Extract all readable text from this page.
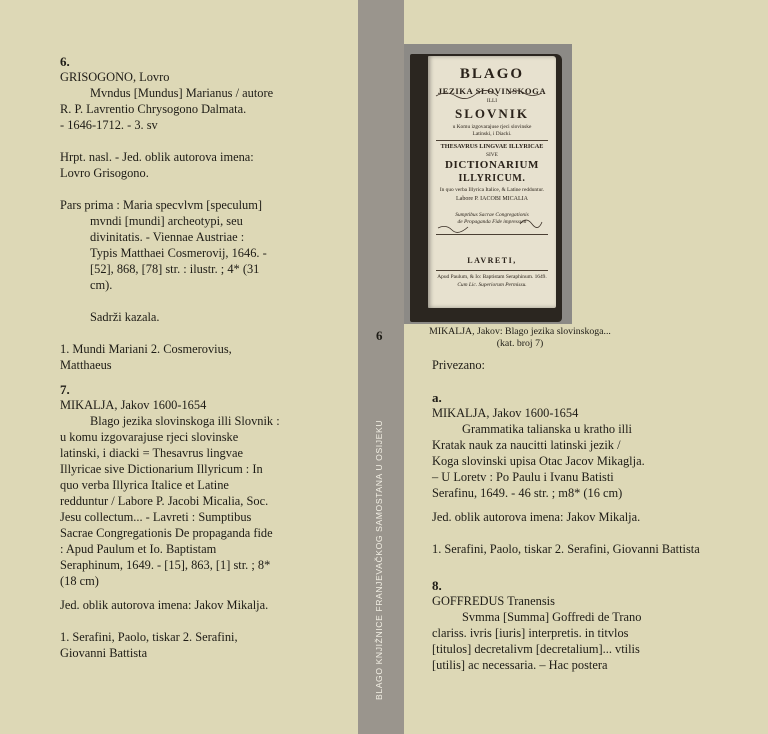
BLAGO KNJIŽNICE FRANJEVAČKOG SAMOSTANA U OSIJEKU
6
6.
GRISOGONO, Lovro
Mvndus [Mundus] Marianus / autore
R. P. Lavrentio Chrysogono Dalmata.
- 1646-1712. - 3. sv
Hrpt. nasl. - Jed. oblik autorova imena:
Lovro Grisogono.
Pars prima : Maria specvlvm [speculum]
mvndi [mundi] archeotypi, seu
divinitatis. - Viennae Austriae :
Typis Matthaei Cosmerovij, 1646. -
[52], 868, [78] str. : ilustr. ; 4* (31
cm).
Sadrži kazala.
1. Mundi Mariani 2. Cosmerovius,
Matthaeus
7.
MIKALJA, Jakov 1600-1654
Blago jezika slovinskoga illi Slovnik :
u komu izgovarajuse rjeci slovinske
latinski, i diacki = Thesavrus lingvae
Illyricae sive Dictionarium Illyricum : In
quo verba Illyrica Italice et Latine
redduntur / Labore P. Jacobi Micalia, Soc.
Jesu collectum... - Lavreti : Sumptibus
Sacrae Congregationis De propaganda fide
: Apud Paulum et Io. Baptistam
Seraphinum, 1649. - [15], 863, [1] str. ; 8*
(18 cm)
Jed. oblik autorova imena: Jakov Mikalja.
1. Serafini, Paolo, tiskar 2. Serafini,
Giovanni Battista
BLAGO
JEZIKA SLOVINSKOGA
ILLI
SLOVNIK
u Komu izgovarajuse rjeci slovinske
Latinski, i Diacki.
THESAVRUS LINGVAE ILLYRICAE
SIVE
DICTIONARIUM
ILLYRICUM.
In quo verba Illyrica Italice, & Latine redduntur.
Labore P. IACOBI MICALIA
Sumptibus Sacrae Congregationis
de Propaganda Fide impressum
LAVRETI,
Apud Paulum, & Io: Baptistam Seraphinum. 1649.
Cum Lic. Superiorum Permissu.
MIKALJA, Jakov: Blago jezika slovinskoga...
(kat. broj 7)
Privezano:
a.
MIKALJA, Jakov 1600-1654
Grammatika talianska u kratho illi
Kratak nauk za naucitti latinski jezik /
Koga slovinski upisa Otac Jacov Mikaglja.
– U Loretv : Po Paulu i Ivanu Batisti
Serafinu, 1649. - 46 str. ; m8* (16 cm)
Jed. oblik autorova imena: Jakov Mikalja.
1. Serafini, Paolo, tiskar 2. Serafini, Giovanni Battista
8.
GOFFREDUS Tranensis
Svmma [Summa] Goffredi de Trano
clariss. ivris [iuris] interpretis. in titvlos
[titulos] decretalivm [decretalium]... vtilis
[utilis] ac necessaria. – Hac postera
